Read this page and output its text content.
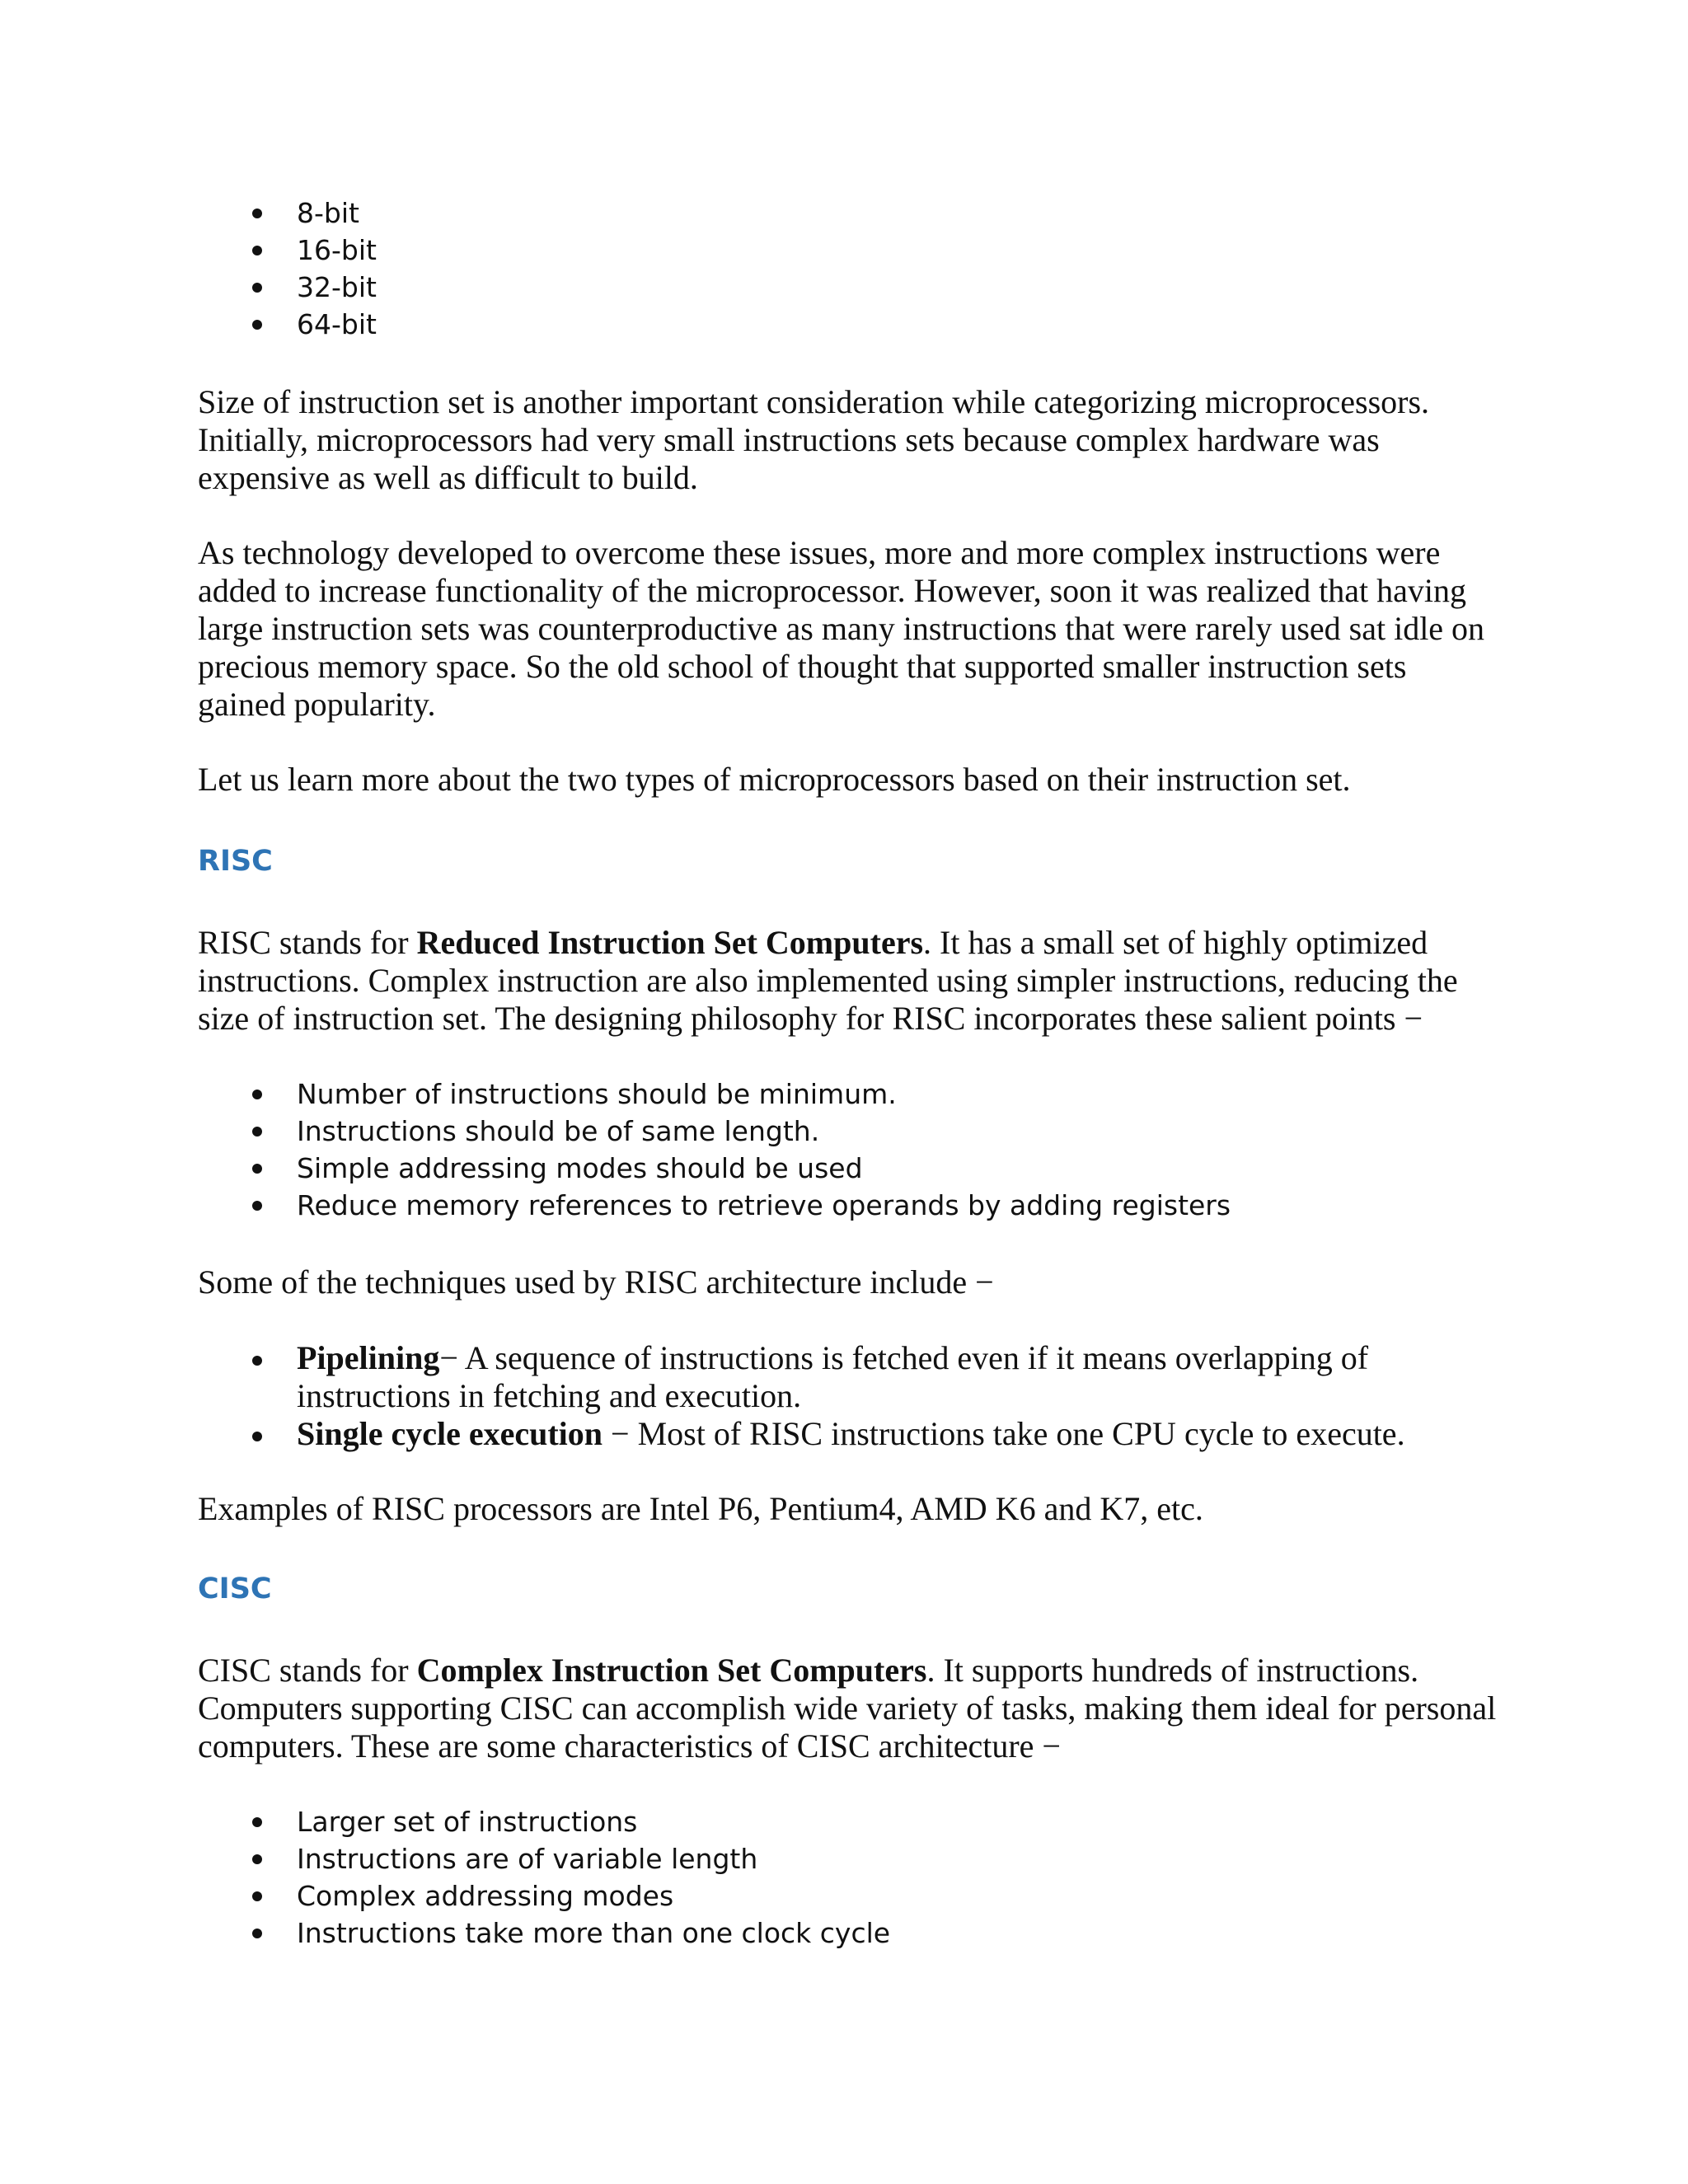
8-bit
16-bit
32-bit
64-bit

Size of instruction set is another important consideration while categorizing microprocessors. Initially, microprocessors had very small instructions sets because complex hardware was expensive as well as difficult to build.

As technology developed to overcome these issues, more and more complex instructions were added to increase functionality of the microprocessor. However, soon it was realized that having large instruction sets was counterproductive as many instructions that were rarely used sat idle on precious memory space. So the old school of thought that supported smaller instruction sets gained popularity.

Let us learn more about the two types of microprocessors based on their instruction set.

RISC

RISC stands for Reduced Instruction Set Computers. It has a small set of highly optimized instructions. Complex instruction are also implemented using simpler instructions, reducing the size of instruction set. The designing philosophy for RISC incorporates these salient points −

Number of instructions should be minimum.
Instructions should be of same length.
Simple addressing modes should be used
Reduce memory references to retrieve operands by adding registers

Some of the techniques used by RISC architecture include −

Pipelining− A sequence of instructions is fetched even if it means overlapping of instructions in fetching and execution.
Single cycle execution − Most of RISC instructions take one CPU cycle to execute.

Examples of RISC processors are Intel P6, Pentium4, AMD K6 and K7, etc.

CISC

CISC stands for Complex Instruction Set Computers. It supports hundreds of instructions. Computers supporting CISC can accomplish wide variety of tasks, making them ideal for personal computers. These are some characteristics of CISC architecture −

Larger set of instructions
Instructions are of variable length
Complex addressing modes
Instructions take more than one clock cycle
